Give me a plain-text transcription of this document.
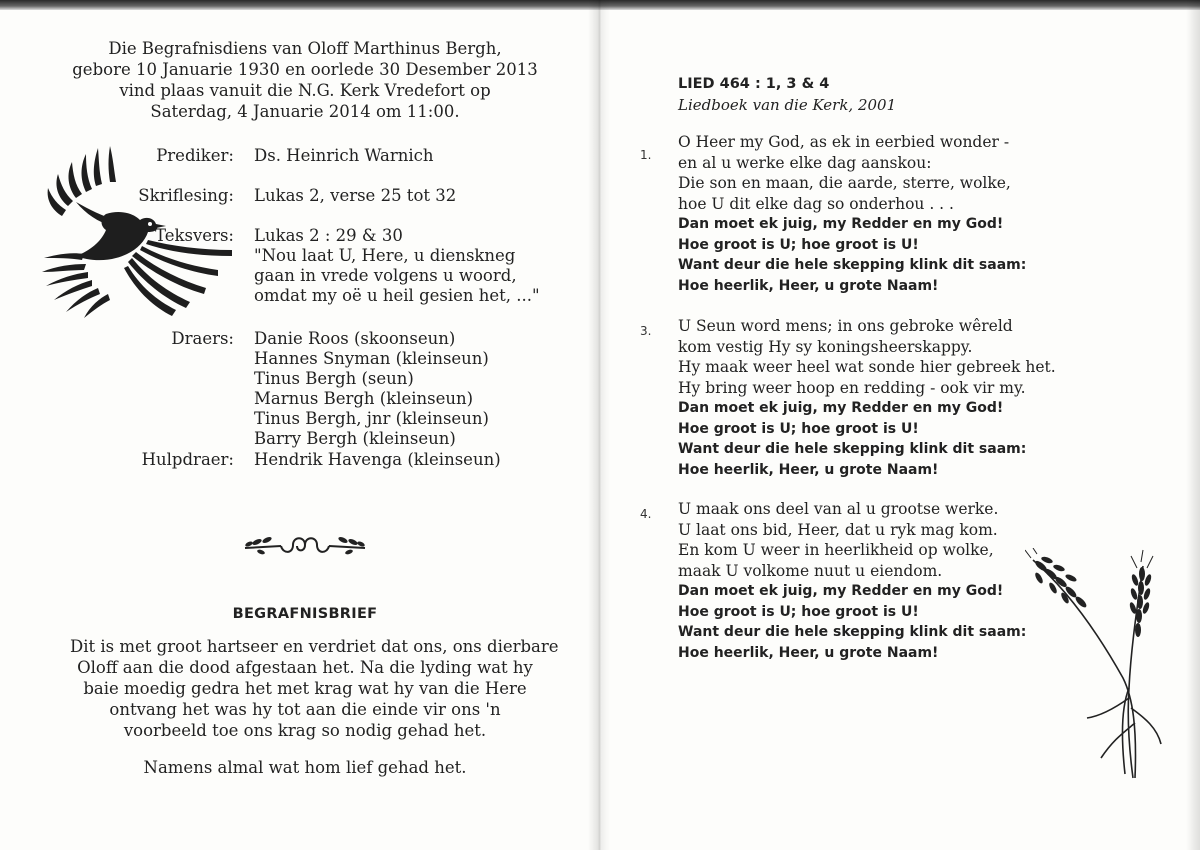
Die Begrafnisdiens van Oloff Marthinus Bergh,
gebore 10 Januarie 1930 en oorlede 30 Desember 2013
vind plaas vanuit die N.G. Kerk Vredefort op
Saterdag, 4 Januarie 2014 om 11:00.
Prediker: Ds. Heinrich Warnich
Skriflesing: Lukas 2, verse 25 tot 32
Teksvers: Lukas 2 : 29 & 30
"Nou laat U, Here, u dienskneg
gaan in vrede volgens u woord,
omdat my oë u heil gesien het, ..."
Draers: Danie Roos (skoonseun)
Hannes Snyman (kleinseun)
Tinus Bergh (seun)
Marnus Bergh (kleinseun)
Tinus Bergh, jnr (kleinseun)
Barry Bergh (kleinseun)
Hulpdraer: Hendrik Havenga (kleinseun)
BEGRAFNISBRIEF
Dit is met groot hartseer en verdriet dat ons, ons dierbare
Oloff aan die dood afgestaan het. Na die lyding wat hy
baie moedig gedra het met krag wat hy van die Here
ontvang het was hy tot aan die einde vir ons 'n
voorbeeld toe ons krag so nodig gehad het.
Namens almal wat hom lief gehad het.
LIED 464 : 1, 3 & 4
Liedboek van die Kerk, 2001
1.
O Heer my God, as ek in eerbied wonder -
en al u werke elke dag aanskou:
Die son en maan, die aarde, sterre, wolke,
hoe U dit elke dag so onderhou . . .
Dan moet ek juig, my Redder en my God!
Hoe groot is U; hoe groot is U!
Want deur die hele skepping klink dit saam:
Hoe heerlik, Heer, u grote Naam!
3. U Seun word mens; in ons gebroke wêreld
kom vestig Hy sy koningsheerskappy.
Hy maak weer heel wat sonde hier gebreek het.
Hy bring weer hoop en redding - ook vir my.
Dan moet ek juig, my Redder en my God!
Hoe groot is U; hoe groot is U!
Want deur die hele skepping klink dit saam:
Hoe heerlik, Heer, u grote Naam!
4. U maak ons deel van al u grootse werke.
U laat ons bid, Heer, dat u ryk mag kom.
En kom U weer in heerlikheid op wolke,
maak U volkome nuut u eiendom.
Dan moet ek juig, my Redder en my God!
Hoe groot is U; hoe groot is U!
Want deur die hele skepping klink dit saam:
Hoe heerlik, Heer, u grote Naam!
